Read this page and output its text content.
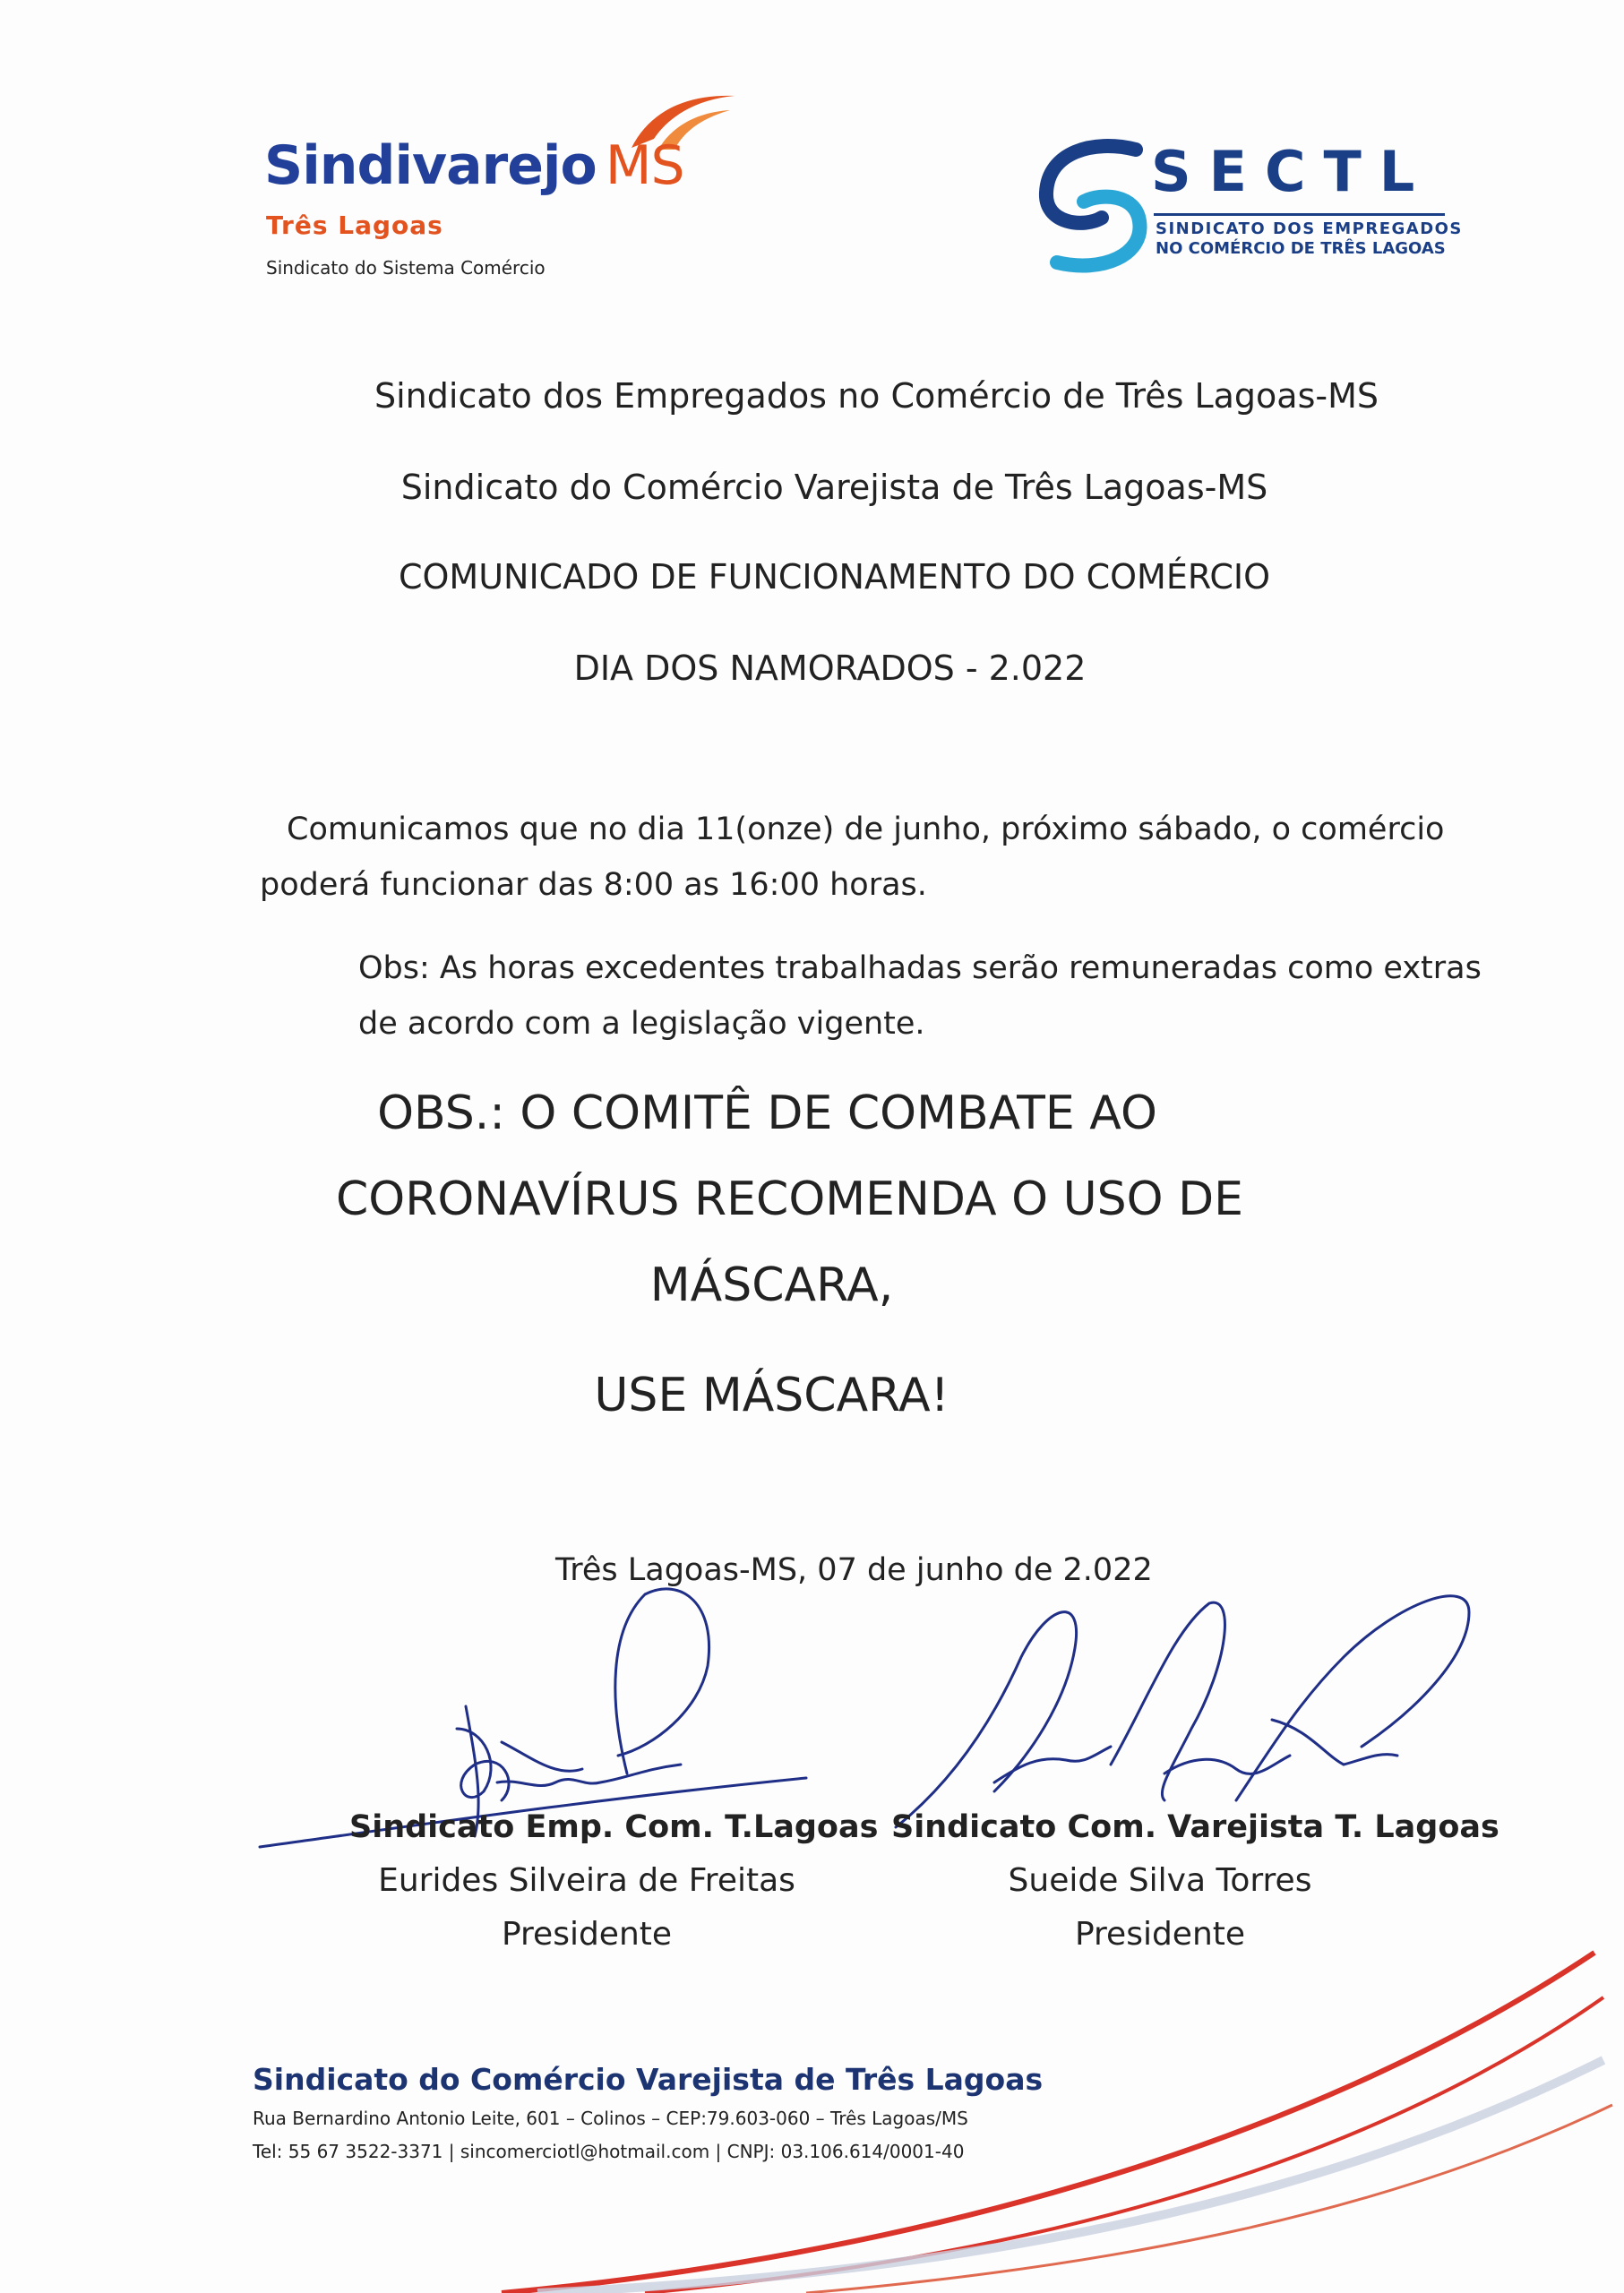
Sindivarejo MS
Três Lagoas
Sindicato do Sistema Comércio
SECTL
SINDICATO DOS EMPREGADOS
NO COMÉRCIO DE TRÊS LAGOAS
Sindicato dos Empregados no Comércio de Três Lagoas-MS
Sindicato do Comércio Varejista de Três Lagoas-MS
COMUNICADO DE FUNCIONAMENTO DO COMÉRCIO
DIA DOS NAMORADOS - 2.022
Comunicamos que no dia 11(onze) de junho, próximo sábado, o comércio
poderá funcionar das 8:00 as 16:00 horas.
Obs: As horas excedentes trabalhadas serão remuneradas como extras
de acordo com a legislação vigente.
OBS.: O COMITÊ DE COMBATE AO
CORONAVÍRUS RECOMENDA O USO DE
MÁSCARA,
USE MÁSCARA!
Três Lagoas-MS, 07 de junho de 2.022
Sindicato Emp. Com. T.Lagoas
Eurides Silveira de Freitas
Presidente
Sindicato Com. Varejista T. Lagoas
Sueide Silva Torres
Presidente
Sindicato do Comércio Varejista de Três Lagoas
Rua Bernardino Antonio Leite, 601 – Colinos – CEP:79.603-060 – Três Lagoas/MS
Tel: 55 67 3522-3371 | sincomerciotl@hotmail.com | CNPJ: 03.106.614/0001-40
